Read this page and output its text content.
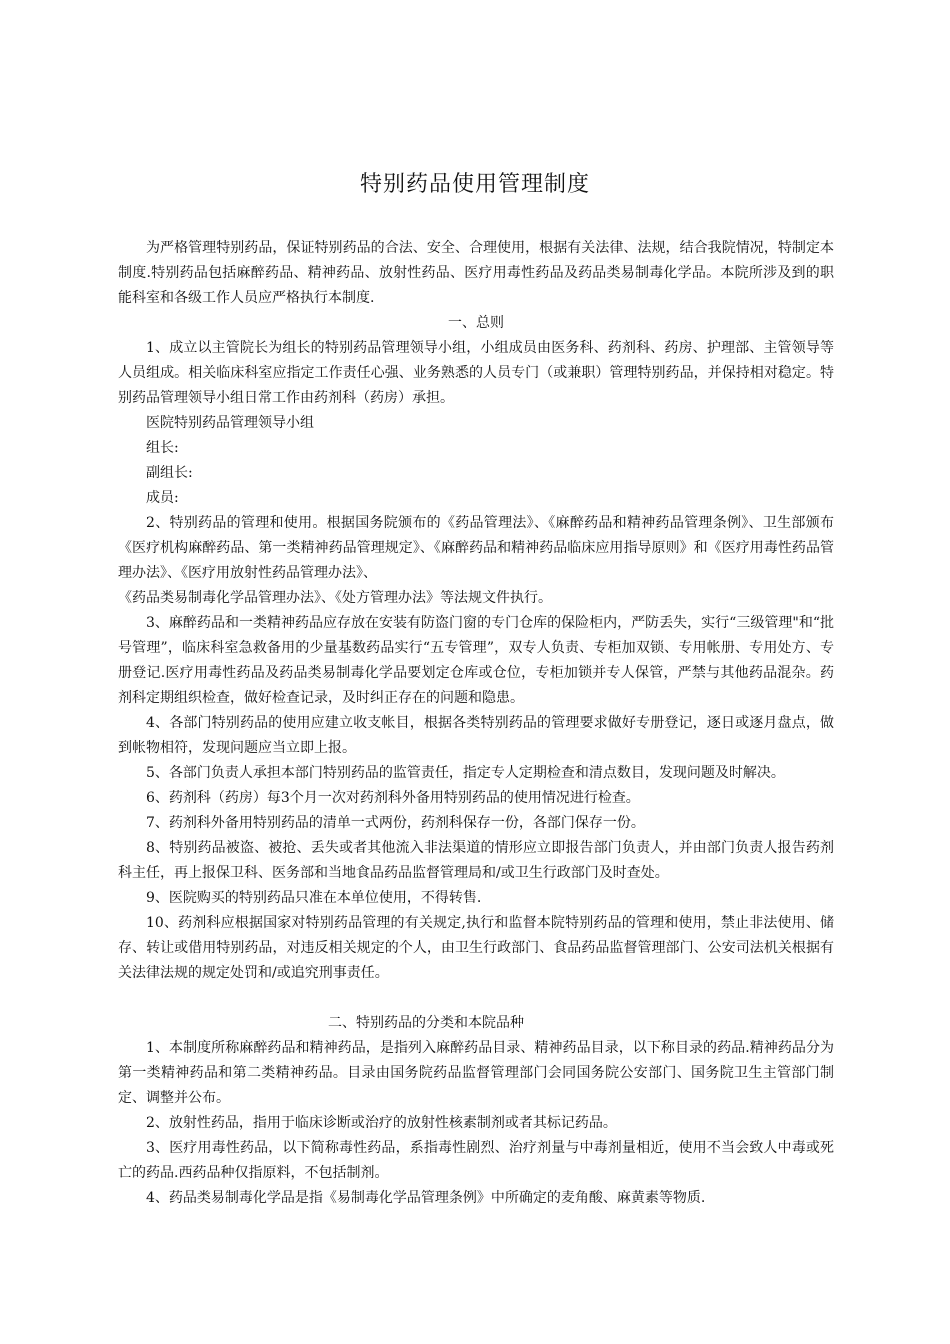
特别药品使用管理制度

为严格管理特别药品，保证特别药品的合法、安全、合理使用，根据有关法律、法规，结合我院情况，特制定本制度.特别药品包括麻醉药品、精神药品、放射性药品、医疗用毒性药品及药品类易制毒化学品。本院所涉及到的职能科室和各级工作人员应严格执行本制度.

一、总则

1、成立以主管院长为组长的特别药品管理领导小组，小组成员由医务科、药剂科、药房、护理部、主管领导等人员组成。相关临床科室应指定工作责任心强、业务熟悉的人员专门（或兼职）管理特别药品，并保持相对稳定。特别药品管理领导小组日常工作由药剂科（药房）承担。

医院特别药品管理领导小组

组长:

副组长:

成员:

2、特别药品的管理和使用。根据国务院颁布的《药品管理法》、《麻醉药品和精神药品管理条例》、卫生部颁布《医疗机构麻醉药品、第一类精神药品管理规定》、《麻醉药品和精神药品临床应用指导原则》和《医疗用毒性药品管理办法》、《医疗用放射性药品管理办法》、

《药品类易制毒化学品管理办法》、《处方管理办法》等法规文件执行。

3、麻醉药品和一类精神药品应存放在安装有防盗门窗的专门仓库的保险柜内，严防丢失，实行“三级管理"和“批号管理”，临床科室急救备用的少量基数药品实行“五专管理”，双专人负责、专柜加双锁、专用帐册、专用处方、专册登记.医疗用毒性药品及药品类易制毒化学品要划定仓库或仓位，专柜加锁并专人保管，严禁与其他药品混杂。药剂科定期组织检查，做好检查记录，及时纠正存在的问题和隐患。

4、各部门特别药品的使用应建立收支帐目，根据各类特别药品的管理要求做好专册登记，逐日或逐月盘点，做到帐物相符，发现问题应当立即上报。

5、各部门负责人承担本部门特别药品的监管责任，指定专人定期检查和清点数目，发现问题及时解决。

6、药剂科（药房）每3个月一次对药剂科外备用特别药品的使用情况进行检查。

7、药剂科外备用特别药品的清单一式两份，药剂科保存一份，各部门保存一份。

8、特别药品被盗、被抢、丢失或者其他流入非法渠道的情形应立即报告部门负责人，并由部门负责人报告药剂科主任，再上报保卫科、医务部和当地食品药品监督管理局和/或卫生行政部门及时查处。

9、医院购买的特别药品只准在本单位使用，不得转售.

10、药剂科应根据国家对特别药品管理的有关规定,执行和监督本院特别药品的管理和使用，禁止非法使用、储存、转让或借用特别药品，对违反相关规定的个人，由卫生行政部门、食品药品监督管理部门、公安司法机关根据有关法律法规的规定处罚和/或追究刑事责任。

二、特别药品的分类和本院品种

1、本制度所称麻醉药品和精神药品，是指列入麻醉药品目录、精神药品目录，以下称目录的药品.精神药品分为第一类精神药品和第二类精神药品。目录由国务院药品监督管理部门会同国务院公安部门、国务院卫生主管部门制定、调整并公布。

2、放射性药品，指用于临床诊断或治疗的放射性核素制剂或者其标记药品。

3、医疗用毒性药品，以下简称毒性药品，系指毒性剧烈、治疗剂量与中毒剂量相近，使用不当会致人中毒或死亡的药品.西药品种仅指原料，不包括制剂。

4、药品类易制毒化学品是指《易制毒化学品管理条例》中所确定的麦角酸、麻黄素等物质.
